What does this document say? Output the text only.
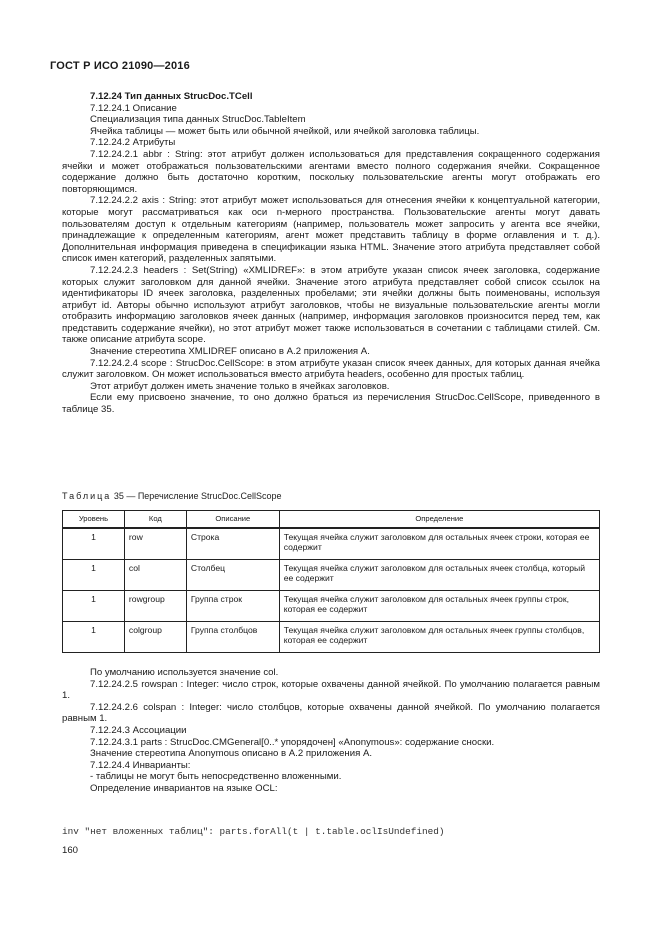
ГОСТ Р ИСО 21090—2016

7.12.24 Тип данных StrucDoc.TCell

7.12.24.1 Описание

Специализация типа данных StrucDoc.TableItem

Ячейка таблицы — может быть или обычной ячейкой, или ячейкой заголовка таблицы.

7.12.24.2 Атрибуты

7.12.24.2.1 abbr : String: этот атрибут должен использоваться для представления сокращенного содержания ячейки и может отображаться пользовательскими агентами вместо полного содержания ячейки. Сокращенное содержание должно быть достаточно коротким, поскольку пользовательские агенты могут отображать его повторяющимся.

7.12.24.2.2 axis : String: этот атрибут может использоваться для отнесения ячейки к концептуальной категории, которые могут рассматриваться как оси n-мерного пространства. Пользовательские агенты могут давать пользователям доступ к отдельным категориям (например, пользователь может запросить у агента все ячейки, принадлежащие к определенным категориям, агент может представить таблицу в форме оглавления и т. д.). Дополнительная информация приведена в спецификации языка HTML. Значение этого атрибута представляет собой список имен категорий, разделенных запятыми.

7.12.24.2.3 headers : Set(String) «XMLIDREF»: в этом атрибуте указан список ячеек заголовка, содержание которых служит заголовком для данной ячейки. Значение этого атрибута представляет собой список ссылок на идентификаторы ID ячеек заголовка, разделенных пробелами; эти ячейки должны быть поименованы, используя атрибут id. Авторы обычно используют атрибут заголовков, чтобы не визуальные пользовательские агенты могли отобразить информацию заголовков ячеек данных (например, информация заголовков произносится перед тем, как представить содержание ячейки), но этот атрибут может также использоваться в сочетании с таблицами стилей. См. также описание атрибута scope.

Значение стереотипа XMLIDREF описано в А.2 приложения А.

7.12.24.2.4 scope : StrucDoc.CellScope: в этом атрибуте указан список ячеек данных, для которых данная ячейка служит заголовком. Он может использоваться вместо атрибута headers, особенно для простых таблиц.

Этот атрибут должен иметь значение только в ячейках заголовков.

Если ему присвоено значение, то оно должно браться из перечисления StrucDoc.CellScope, приведенного в таблице 35.

Таблица 35 — Перечисление StrucDoc.CellScope
Уровень	Код	Описание	Определение
1	row	Строка	Текущая ячейка служит заголовком для остальных ячеек строки, которая ее содержит
1	col	Столбец	Текущая ячейка служит заголовком для остальных ячеек столбца, который ее содержит
1	rowgroup	Группа строк	Текущая ячейка служит заголовком для остальных ячеек группы строк, которая ее содержит
1	colgroup	Группа столбцов	Текущая ячейка служит заголовком для остальных ячеек группы столбцов, которая ее содержит

По умолчанию используется значение col.

7.12.24.2.5 rowspan : Integer: число строк, которые охвачены данной ячейкой. По умолчанию полагается равным 1.

7.12.24.2.6 colspan : Integer: число столбцов, которые охвачены данной ячейкой. По умолчанию полагается равным 1.

7.12.24.3 Ассоциации

7.12.24.3.1 parts : StrucDoc.CMGeneral[0..* упорядочен] «Anonymous»: содержание сноски.

Значение стереотипа Anonymous описано в А.2 приложения А.

7.12.24.4 Инварианты:

- таблицы не могут быть непосредственно вложенными.

Определение инвариантов на языке OCL:

inv "нет вложенных таблиц": parts.forAll(t | t.table.oclIsUndefined)
160
